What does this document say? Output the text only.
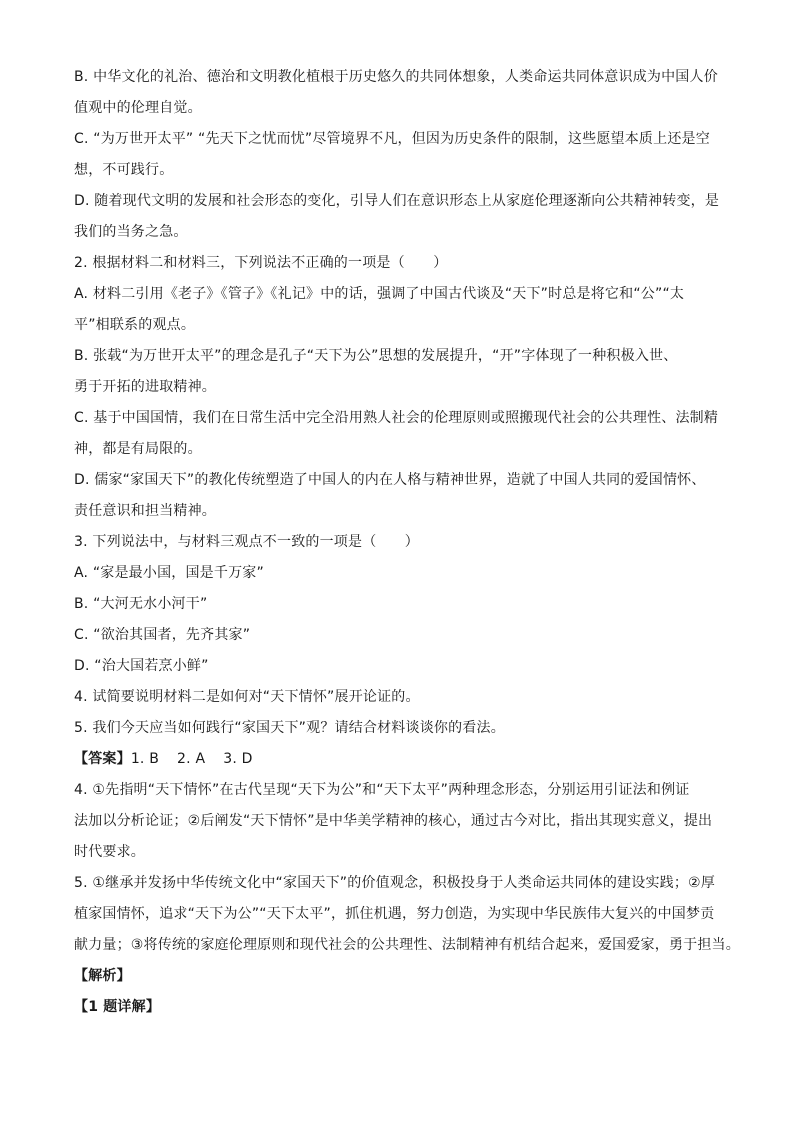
B. 中华文化的礼治、德治和文明教化植根于历史悠久的共同体想象，人类命运共同体意识成为中国人价
值观中的伦理自觉。
C. “为万世开太平” “先天下之忧而忧”尽管境界不凡，但因为历史条件的限制，这些愿望本质上还是空
想，不可践行。
D. 随着现代文明的发展和社会形态的变化，引导人们在意识形态上从家庭伦理逐渐向公共精神转变，是
我们的当务之急。
2. 根据材料二和材料三，下列说法不正确的一项是（　　）
A. 材料二引用《老子》《管子》《礼记》中的话，强调了中国古代谈及“天下”时总是将它和“公”“太
平”相联系的观点。
B. 张载“为万世开太平”的理念是孔子“天下为公”思想的发展提升，“开”字体现了一种积极入世、
勇于开拓的进取精神。
C. 基于中国国情，我们在日常生活中完全沿用熟人社会的伦理原则或照搬现代社会的公共理性、法制精
神，都是有局限的。
D. 儒家“家国天下”的教化传统塑造了中国人的内在人格与精神世界，造就了中国人共同的爱国情怀、
责任意识和担当精神。
3. 下列说法中，与材料三观点不一致的一项是（　　）
A. “家是最小国，国是千万家”
B. “大河无水小河干”
C. “欲治其国者，先齐其家”
D. “治大国若烹小鲜”
4. 试简要说明材料二是如何对“天下情怀”展开论证的。
5. 我们今天应当如何践行“家国天下”观？请结合材料谈谈你的看法。
【答案】1. B 2. A 3. D
4. ①先指明“天下情怀”在古代呈现“天下为公”和“天下太平”两种理念形态，分别运用引证法和例证
法加以分析论证；②后阐发“天下情怀”是中华美学精神的核心，通过古今对比，指出其现实意义，提出
时代要求。
5. ①继承并发扬中华传统文化中“家国天下”的价值观念，积极投身于人类命运共同体的建设实践；②厚
植家国情怀，追求“天下为公”“天下太平”，抓住机遇，努力创造，为实现中华民族伟大复兴的中国梦贡
献力量；③将传统的家庭伦理原则和现代社会的公共理性、法制精神有机结合起来，爱国爱家，勇于担当。
【解析】
【1 题详解】
